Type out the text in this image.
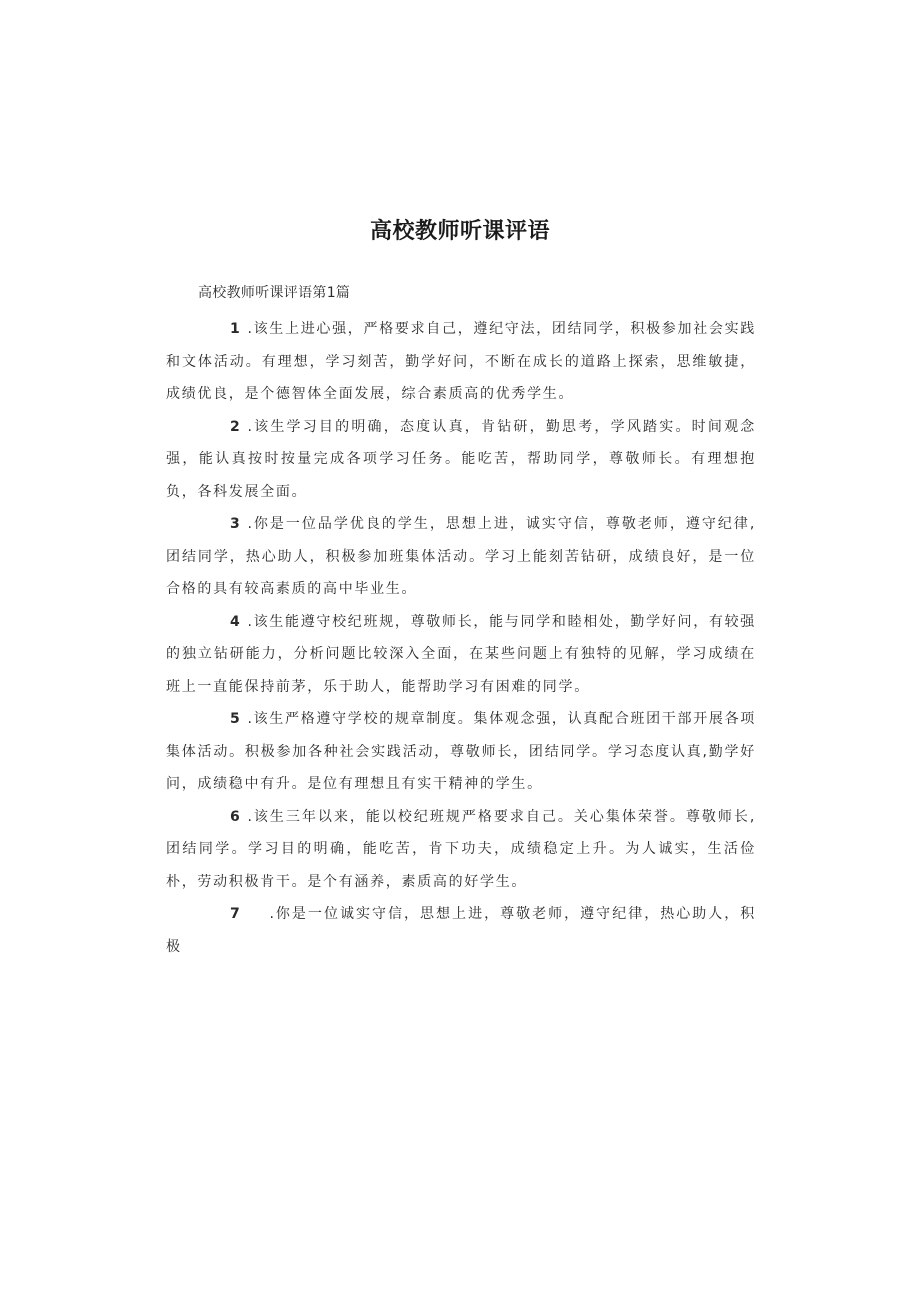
高校教师听课评语

高校教师听课评语第1篇

1 .该生上进心强，严格要求自己，遵纪守法，团结同学，积极参加社会实践和文体活动。有理想，学习刻苦，勤学好问，不断在成长的道路上探索，思维敏捷，成绩优良，是个德智体全面发展，综合素质高的优秀学生。

2 .该生学习目的明确，态度认真，肯钻研，勤思考，学风踏实。时间观念强，能认真按时按量完成各项学习任务。能吃苦，帮助同学，尊敬师长。有理想抱负，各科发展全面。

3 .你是一位品学优良的学生，思想上进，诚实守信，尊敬老师，遵守纪律,团结同学，热心助人，积极参加班集体活动。学习上能刻苦钻研，成绩良好，是一位合格的具有较高素质的高中毕业生。

4 .该生能遵守校纪班规，尊敬师长，能与同学和睦相处，勤学好问，有较强的独立钻研能力，分析问题比较深入全面，在某些问题上有独特的见解，学习成绩在班上一直能保持前茅，乐于助人，能帮助学习有困难的同学。

5 .该生严格遵守学校的规章制度。集体观念强，认真配合班团干部开展各项集体活动。积极参加各种社会实践活动，尊敬师长，团结同学。学习态度认真,勤学好问，成绩稳中有升。是位有理想且有实干精神的学生。

6 .该生三年以来，能以校纪班规严格要求自己。关心集体荣誉。尊敬师长,团结同学。学习目的明确，能吃苦，肯下功夫，成绩稳定上升。为人诚实，生活俭朴，劳动积极肯干。是个有涵养，素质高的好学生。

7 .你是一位诚实守信，思想上进，尊敬老师，遵守纪律，热心助人，积极
